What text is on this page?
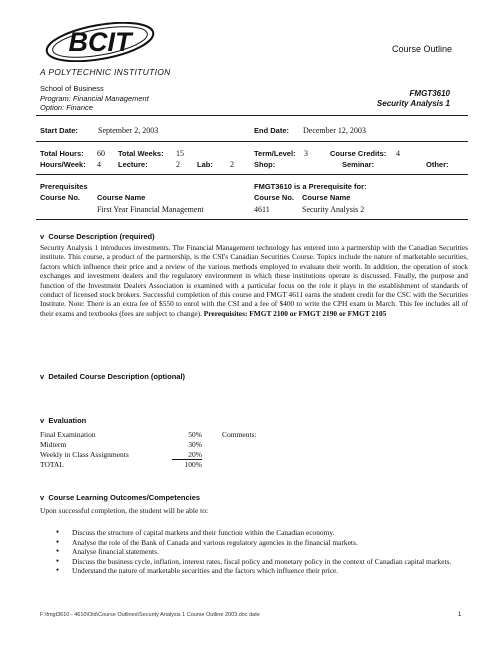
BCIT
A POLYTECHNIC INSTITUTION
Course Outline
School of Business
Program: Financial Management
Option: Finance
FMGT3610
Security Analysis 1
Start Date:	September 2, 2003	End Date: December 12, 2003
Total Hours: 60 Total Weeks: 15	Term/Level: 3	Course Credits: 4
Hours/Week: 4 Lecture:	2 Lab: 2	Shop:	Seminar:	Other:
Prerequisites
Course No. Course Name
First Year Financial Management
FMGT3610 is a Prerequisite for:
Course No. Course Name
4611	Security Analysis 2
v Course Description (required)
Security Analysis 1 introduces investments. The Financial Management technology has entered into a partnership with the Canadian Securities institute. This course, a product of the partnership, is the CSI's Canadian Securities Course. Topics include the nature of marketable securities, factors which influence their price and a review of the various methods employed to evaluate their worth. In addition, the operation of stock exchanges and investment dealers and the regulatory environment in which these institutions operate is discussed. Finally, the purpose and function of the Investment Dealers Association is examined with a particular focus on the role it plays in the establishment of standards of conduct of licensed stock brokers. Successful completion of this course and FMGT 4611 earns the student credit for the CSC with the Securities Institute. Note: There is an extra fee of $550 to enrol with the CSI and a fee of $400 to write the CPH exam in March. This fee includes all of their exams and textbooks (fees are subject to change). Prerequisites: FMGT 2100 or FMGT 2190 or FMGT 2105
v Detailed Course Description (optional)
v Evaluation
Final Examination	50%
Midterm	30%
Weekly in Class Assignments	20%
TOTAL	100%
Comments:
v Course Learning Outcomes/Competencies
Upon successful completion, the student will be able to:
● Discuss the structure of capital markets and their function within the Canadian economy.
● Analyse the role of the Bank of Canada and various regulatory agencies in the financial markets.
● Analyse financial statements.
● Discuss the business cycle, inflation, interest rates, fiscal policy and monetary policy in the context of Canadian capital markets.
● Understand the nature of marketable securities and the factors which influence their price.
F:\fmgt3610 - 4610\Old\Course Outlines\Security Analysis 1 Course Outline 2003.doc date	1
